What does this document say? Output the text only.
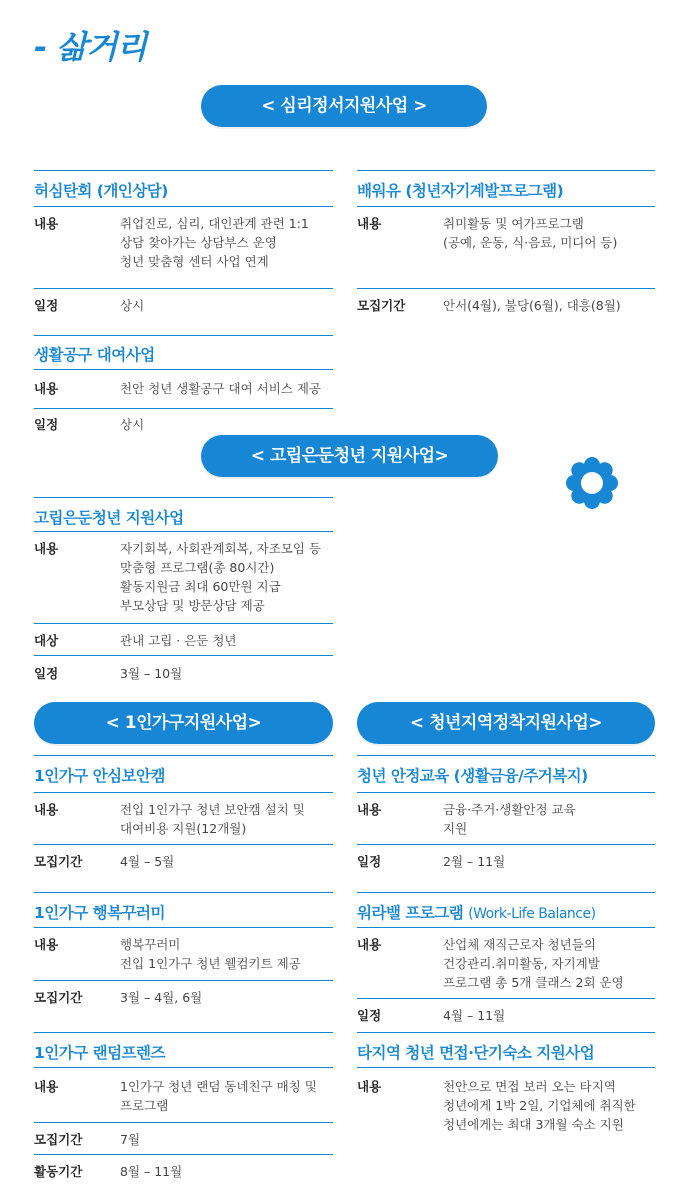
- 삶거리
< 심리정서지원사업 >
< 고립은둔청년 지원사업>
< 1인가구지원사업>	< 청년지역정착지원사업>
허심탄회 (개인상담)
내용	취업진로, 심리, 대인관계 관련 1:1
상담 찾아가는 상담부스 운영
청년 맞춤형 센터 사업 연계
일정	상시
배워유 (청년자기계발프로그램)
내용	취미활동 및 여가프로그램
(공예, 운동, 식·음료, 미디어 등)
모집기간	안서(4월), 불당(6월), 대흥(8월)
생활공구 대여사업
내용	천안 청년 생활공구 대여 서비스 제공
일정	상시
고립은둔청년 지원사업
내용	자기회복, 사회관계회복, 자조모임 등
맞춤형 프로그램(총 80시간)
활동지원금 최대 60만원 지급
부모상담 및 방문상담 제공
대상	관내 고립 · 은둔 청년
일정	3월 – 10월
1인가구 안심보안캠
내용	전입 1인가구 청년 보안캠 설치 및
대여비용 지원(12개월)
모집기간	4월 – 5월
1인가구 행복꾸러미
내용	행복꾸러미
전입 1인가구 청년 웰컴키트 제공
모집기간	3월 – 4월, 6월
1인가구 랜덤프렌즈
내용	1인가구 청년 랜덤 동네친구 매칭 및
프로그램
모집기간	7월
활동기간	8월 – 11월
청년 안정교육 (생활금융/주거복지)
내용	금융·주거·생활안정 교육
지원
일정	2월 – 11월
워라밸 프로그램 (Work-Life Balance)
내용	산업체 재직근로자 청년들의
건강관리.취미활동, 자기계발
프로그램 총 5개 클래스 2회 운영
일정	4월 – 11월
타지역 청년 면접·단기숙소 지원사업
내용	천안으로 면접 보러 오는 타지역
청년에게 1박 2일, 기업체에 취직한
청년에게는 최대 3개월 숙소 지원
